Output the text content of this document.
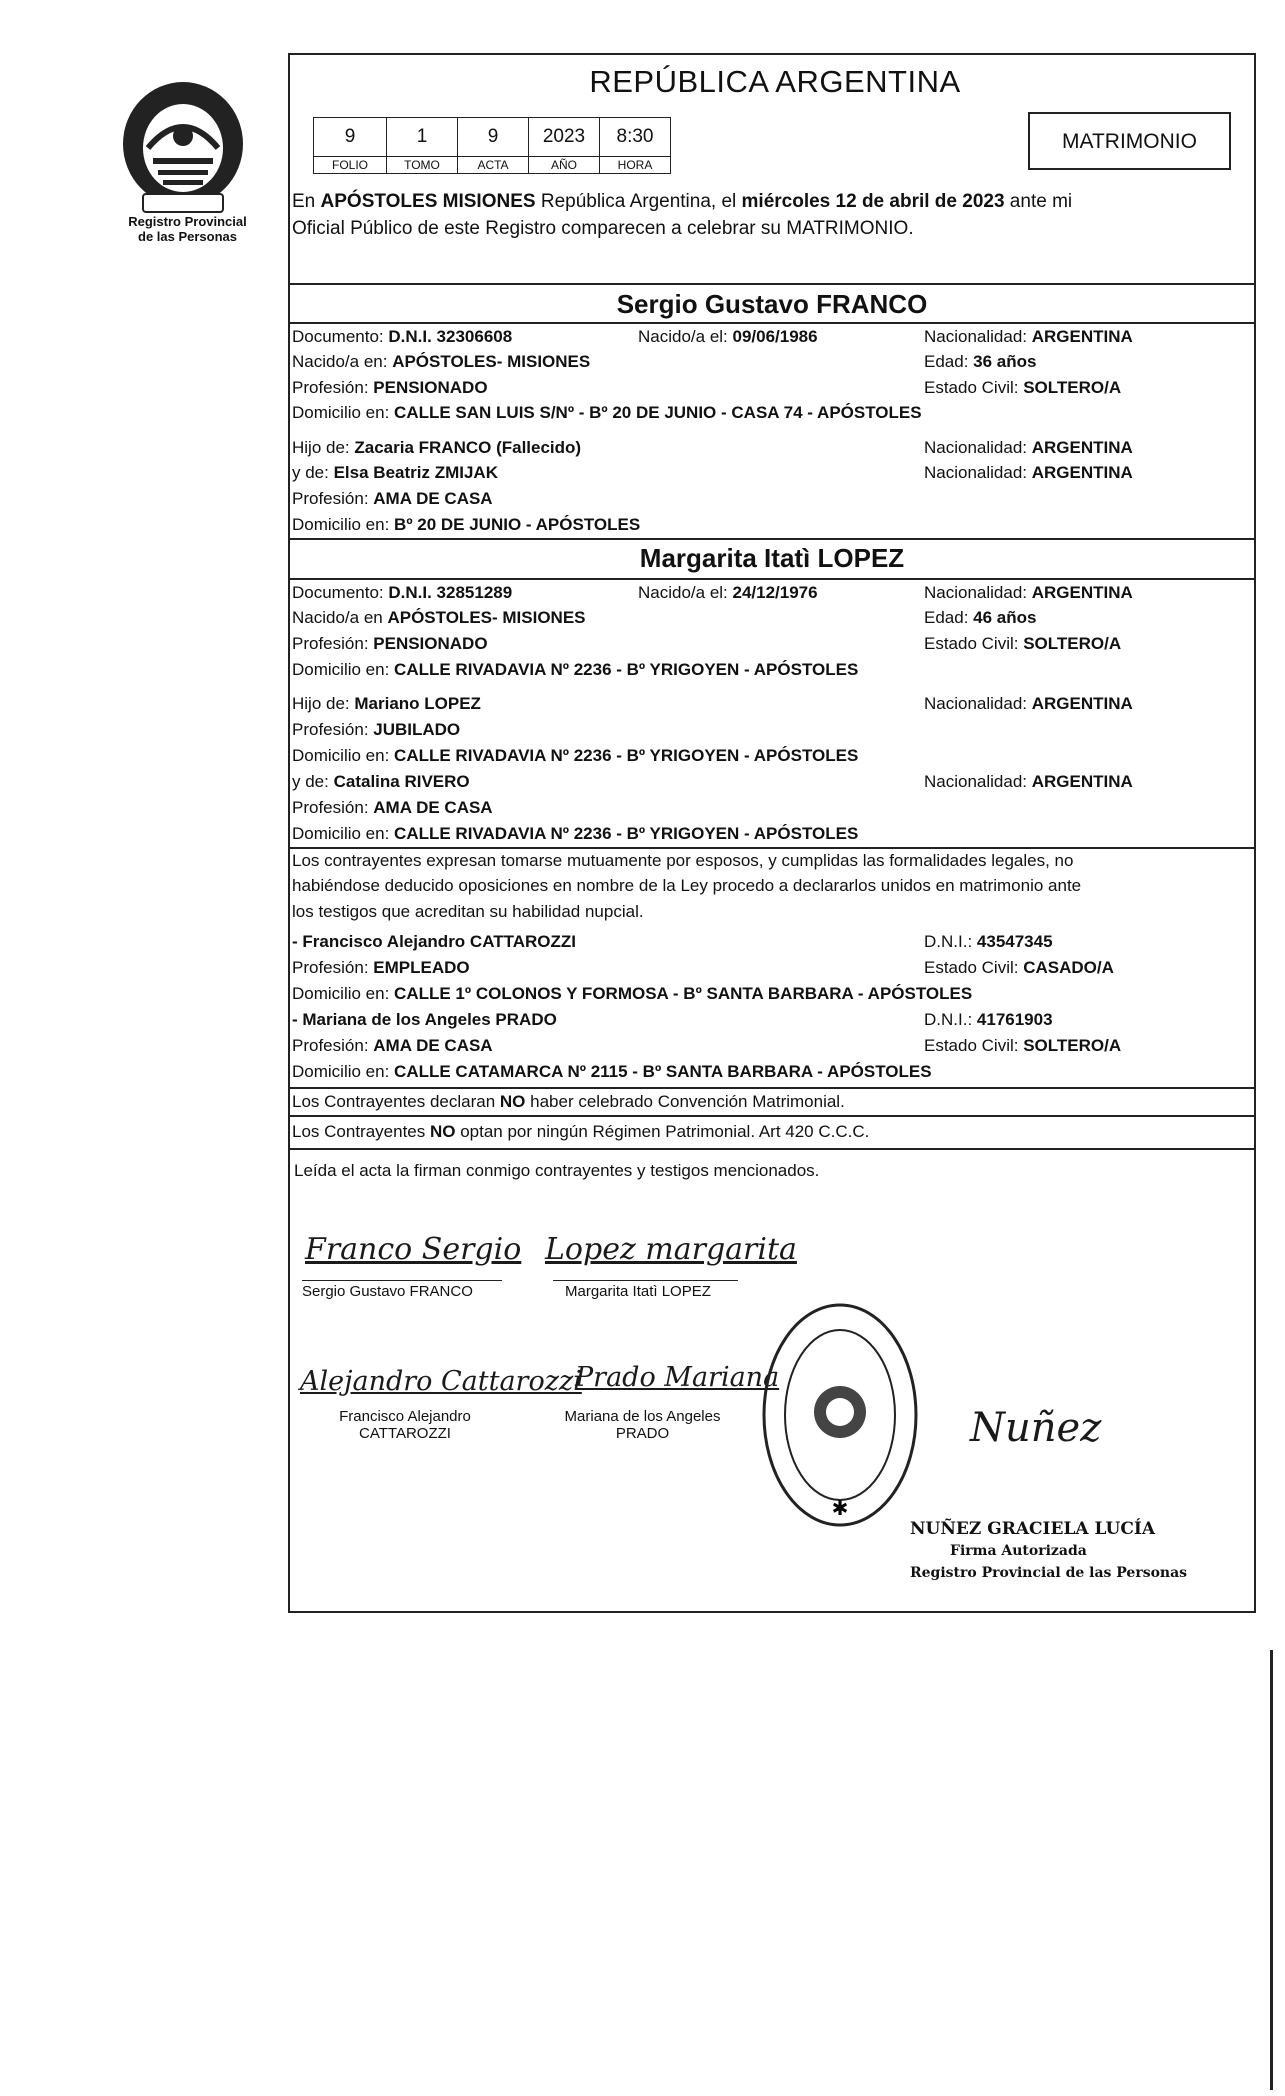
Registro Provincial
de las Personas
REPÚBLICA ARGENTINA
9	1	9	2023	8:30
FOLIO	TOMO	ACTA	AÑO	HORA
MATRIMONIO
En APÓSTOLES MISIONES República Argentina, el miércoles 12 de abril de 2023 ante mi
Oficial Público de este Registro comparecen a celebrar su MATRIMONIO.
Sergio Gustavo FRANCO
Documento: D.N.I. 32306608	Nacido/a el: 09/06/1986	Nacionalidad: ARGENTINA
Nacido/a en: APÓSTOLES- MISIONES	Edad: 36 años
Profesión: PENSIONADO	Estado Civil: SOLTERO/A
Domicilio en: CALLE SAN LUIS S/Nº - Bº 20 DE JUNIO - CASA 74 - APÓSTOLES
Hijo de: Zacaria FRANCO (Fallecido)	Nacionalidad: ARGENTINA
y de: Elsa Beatriz ZMIJAK	Nacionalidad: ARGENTINA
Profesión: AMA DE CASA
Domicilio en: Bº 20 DE JUNIO - APÓSTOLES
Margarita Itatì LOPEZ
Documento: D.N.I. 32851289	Nacido/a el: 24/12/1976	Nacionalidad: ARGENTINA
Nacido/a en APÓSTOLES- MISIONES	Edad: 46 años
Profesión: PENSIONADO	Estado Civil: SOLTERO/A
Domicilio en: CALLE RIVADAVIA Nº 2236 - Bº YRIGOYEN - APÓSTOLES
Hijo de: Mariano LOPEZ	Nacionalidad: ARGENTINA
Profesión: JUBILADO
Domicilio en: CALLE RIVADAVIA Nº 2236 - Bº YRIGOYEN - APÓSTOLES
y de: Catalina RIVERO	Nacionalidad: ARGENTINA
Profesión: AMA DE CASA
Domicilio en: CALLE RIVADAVIA Nº 2236 - Bº YRIGOYEN - APÓSTOLES
Los contrayentes expresan tomarse mutuamente por esposos, y cumplidas las formalidades legales, no
habiéndose deducido oposiciones en nombre de la Ley procedo a declararlos unidos en matrimonio ante
los testigos que acreditan su habilidad nupcial.
- Francisco Alejandro CATTAROZZI	D.N.I.: 43547345
Profesión: EMPLEADO	Estado Civil: CASADO/A
Domicilio en: CALLE 1º COLONOS Y FORMOSA - Bº SANTA BARBARA - APÓSTOLES
- Mariana de los Angeles PRADO	D.N.I.: 41761903
Profesión: AMA DE CASA	Estado Civil: SOLTERO/A
Domicilio en: CALLE CATAMARCA Nº 2115 - Bº SANTA BARBARA - APÓSTOLES
Los Contrayentes declaran NO haber celebrado Convención Matrimonial.
Los Contrayentes NO optan por ningún Régimen Patrimonial. Art 420 C.C.C.
Leída el acta la firman conmigo contrayentes y testigos mencionados.
Franco Sergio
Sergio Gustavo FRANCO
Lopez margarita
Margarita Itatì LOPEZ
Alejandro Cattarozzi
Prado Mariana
Francisco Alejandro
CATTAROZZI
Mariana de los Angeles
PRADO
✱
Nuñez
NUÑEZ GRACIELA LUCÍA
Firma Autorizada
Registro Provincial de las Personas
